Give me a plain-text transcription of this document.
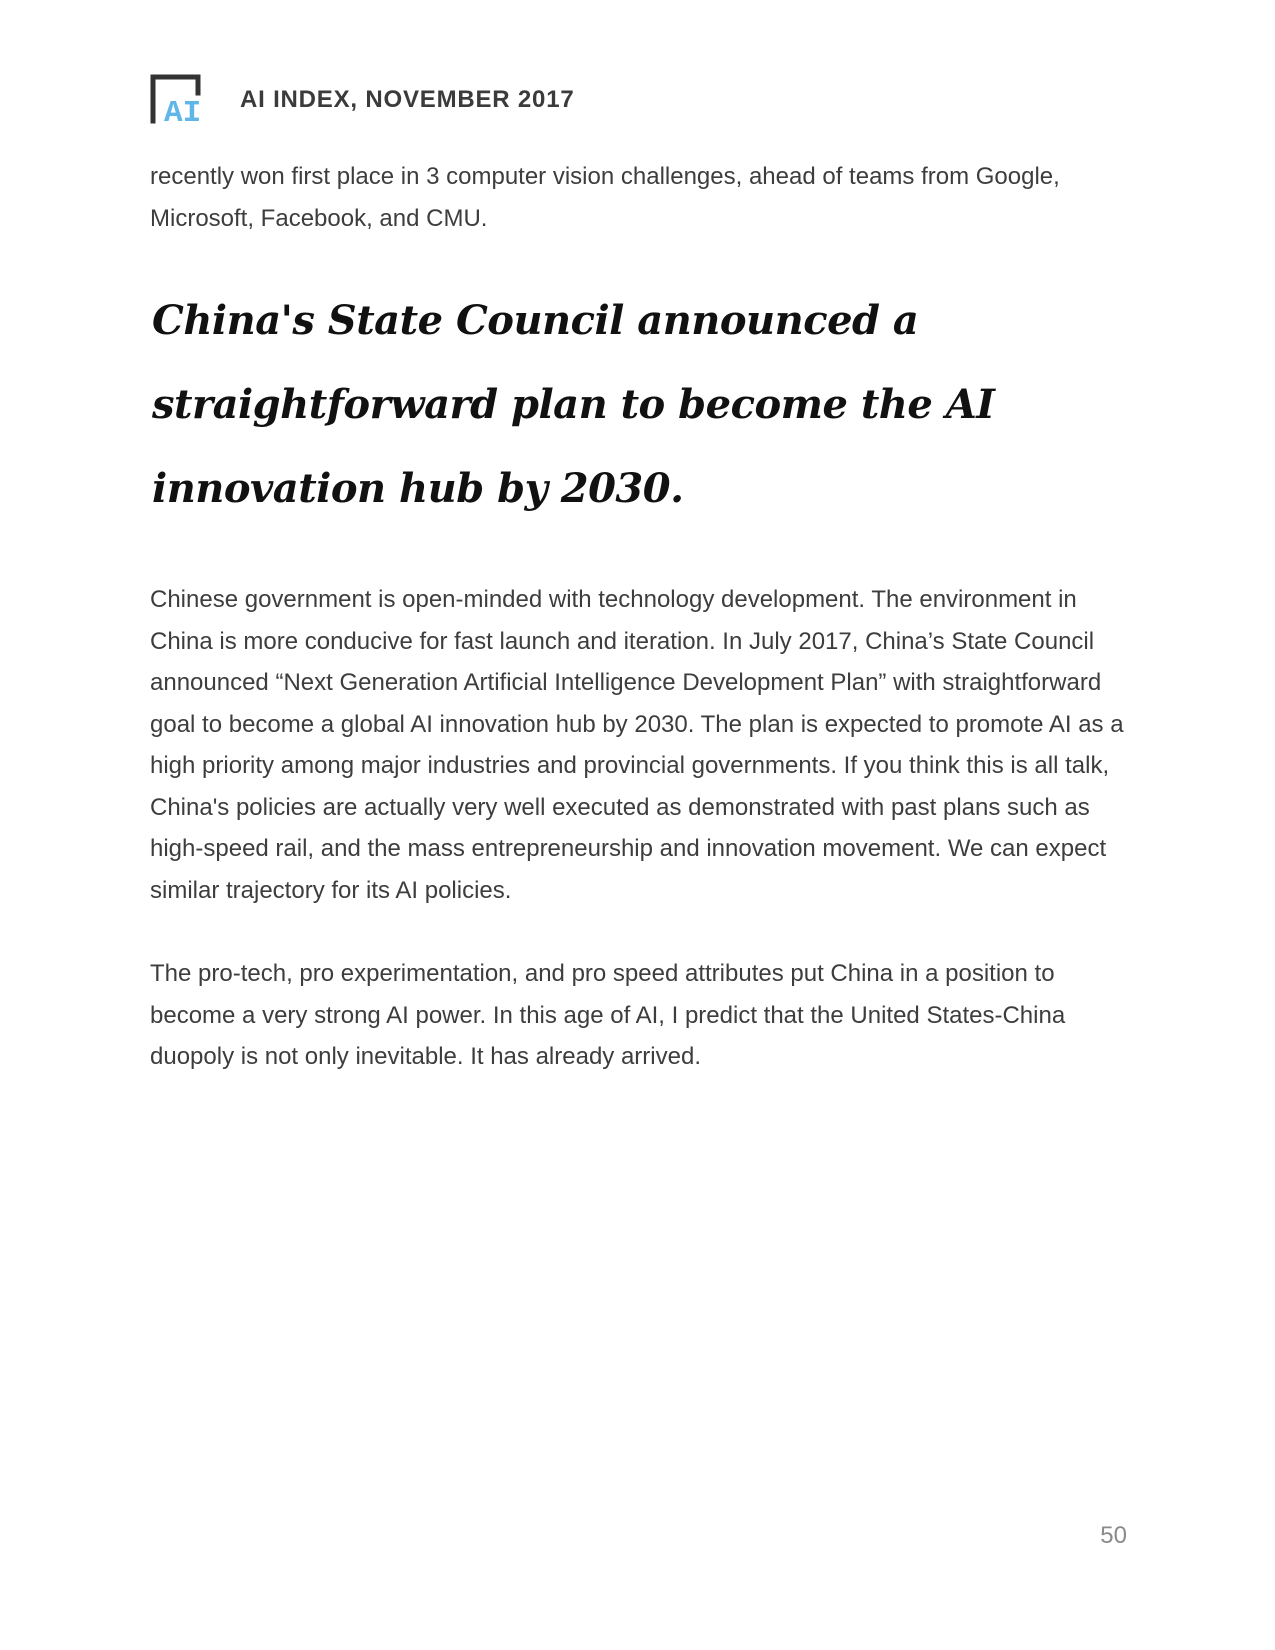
AI AI INDEX, NOVEMBER 2017

recently won first place in 3 computer vision challenges, ahead of teams from Google, Microsoft, Facebook, and CMU.

China's State Council announced a straightforward plan to become the AI innovation hub by 2030.

Chinese government is open-minded with technology development. The environment in China is more conducive for fast launch and iteration. In July 2017, China’s State Council announced “Next Generation Artificial Intelligence Development Plan” with straightforward goal to become a global AI innovation hub by 2030. The plan is expected to promote AI as a high priority among major industries and provincial governments. If you think this is all talk, China's policies are actually very well executed as demonstrated with past plans such as high-speed rail, and the mass entrepreneurship and innovation movement. We can expect similar trajectory for its AI policies.

The pro-tech, pro experimentation, and pro speed attributes put China in a position to become a very strong AI power. In this age of AI, I predict that the United States-China duopoly is not only inevitable. It has already arrived.

50
